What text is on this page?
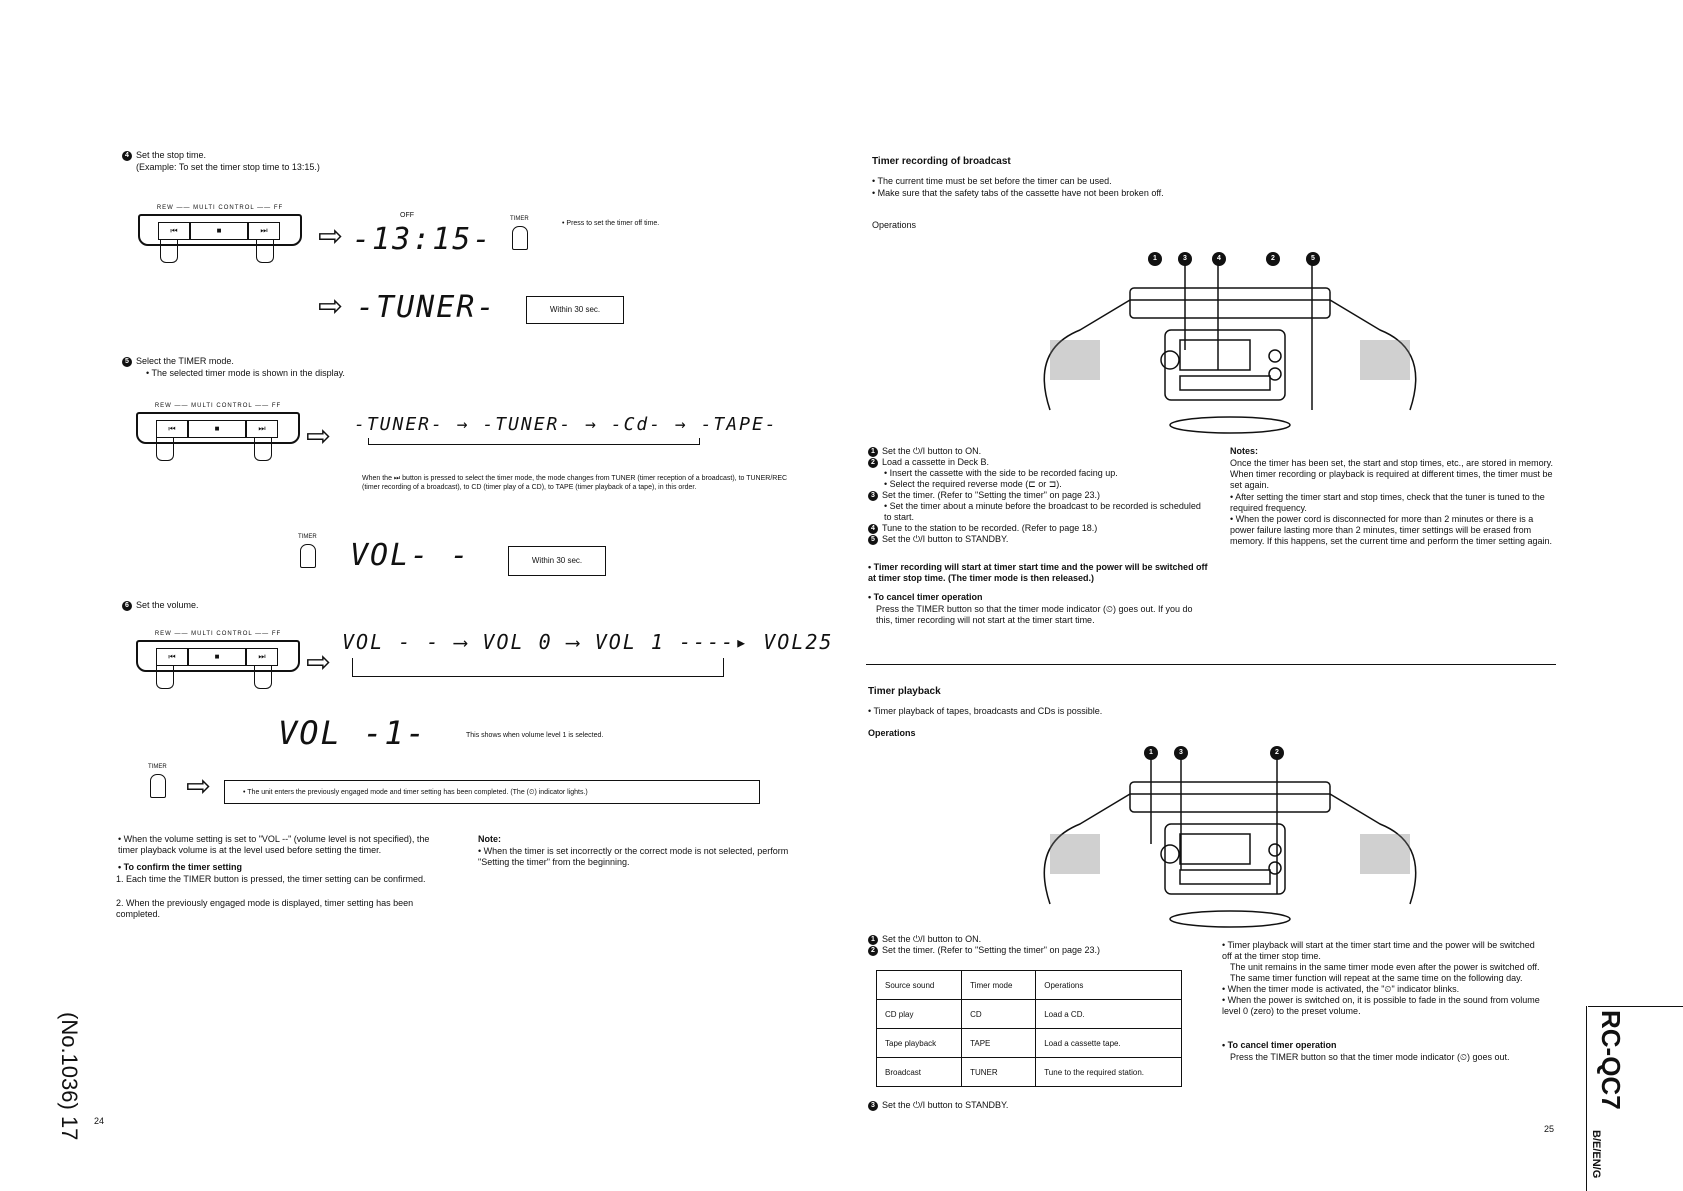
4 Set the stop time.
(Example: To set the timer stop time to 13:15.)
REW —— MULTI CONTROL —— FF
⏮	■	⏭	⇨
OFF
-13:15-
TIMER
• Press to set the timer off time.
⇨ -TUNER-	Within 30 sec.
5 Select the TIMER mode.
• The selected timer mode is shown in the display.
REW —— MULTI CONTROL —— FF
⏮	■	⏭	⇨ -TUNER- → -TUNER- → -Cd- → -TAPE-
When the ⏭ button is pressed to select the timer mode, the mode changes from TUNER (timer reception of a broadcast), to TUNER/REC (timer recording of a broadcast), to CD (timer play of a CD), to TAPE (timer playback of a tape), in this order.
TIMER
VOL- -	Within 30 sec.
6 Set the volume.
REW —— MULTI CONTROL —— FF
⏮	■	⏭	⇨
VOL - - ⟶ VOL 0 ⟶ VOL 1 ----▸ VOL25
VOL -1-	This shows when volume level 1 is selected.
TIMER
⇨	• The unit enters the previously engaged mode and timer setting has been completed. (The (⏲) indicator lights.)
• When the volume setting is set to "VOL --" (volume level is not specified), the timer playback volume is at the level used before setting the timer.
• To confirm the timer setting
1. Each time the TIMER button is pressed, the timer setting can be confirmed.
2. When the previously engaged mode is displayed, timer setting has been completed.
Note:
• When the timer is set incorrectly or the correct mode is not selected, perform "Setting the timer" from the beginning.
24
(No.1036) 17
Timer recording of broadcast
• The current time must be set before the timer can be used.
• Make sure that the safety tabs of the cassette have not been broken off.
Operations
1	3	4	2	5
1 Set the ⏻/I button to ON.
2 Load a cassette in Deck B.
• Insert the cassette with the side to be recorded facing up.
• Select the required reverse mode (⊏ or ⊐).
3 Set the timer. (Refer to "Setting the timer" on page 23.)
• Set the timer about a minute before the broadcast to be recorded is scheduled to start.
4 Tune to the station to be recorded. (Refer to page 18.)
5 Set the ⏻/I button to STANDBY.
• Timer recording will start at timer start time and the power will be switched off at timer stop time. (The timer mode is then released.)
• To cancel timer operation
Press the TIMER button so that the timer mode indicator (⏲) goes out. If you do this, timer recording will not start at the timer start time.
Notes:
Once the timer has been set, the start and stop times, etc., are stored in memory. When timer recording or playback is required at different times, the timer must be set again.
• After setting the timer start and stop times, check that the tuner is tuned to the required frequency.
• When the power cord is disconnected for more than 2 minutes or there is a power failure lasting more than 2 minutes, timer settings will be erased from memory. If this happens, set the current time and perform the timer setting again.
Timer playback
• Timer playback of tapes, broadcasts and CDs is possible.
Operations
1	3	2
1 Set the ⏻/I button to ON.
2 Set the timer. (Refer to "Setting the timer" on page 23.)
Source sound	Timer mode	Operations
CD play	CD	Load a CD.
Tape playback	TAPE	Load a cassette tape.
Broadcast	TUNER	Tune to the required station.
3 Set the ⏻/I button to STANDBY.
• Timer playback will start at the timer start time and the power will be switched off at the timer stop time.
The unit remains in the same timer mode even after the power is switched off. The same timer function will repeat at the same time on the following day.
• When the timer mode is activated, the "⏲" indicator blinks.
• When the power is switched on, it is possible to fade in the sound from volume level 0 (zero) to the preset volume.
• To cancel timer operation
Press the TIMER button so that the timer mode indicator (⏲) goes out.
25
RC-QC7
B/E/EN/G
